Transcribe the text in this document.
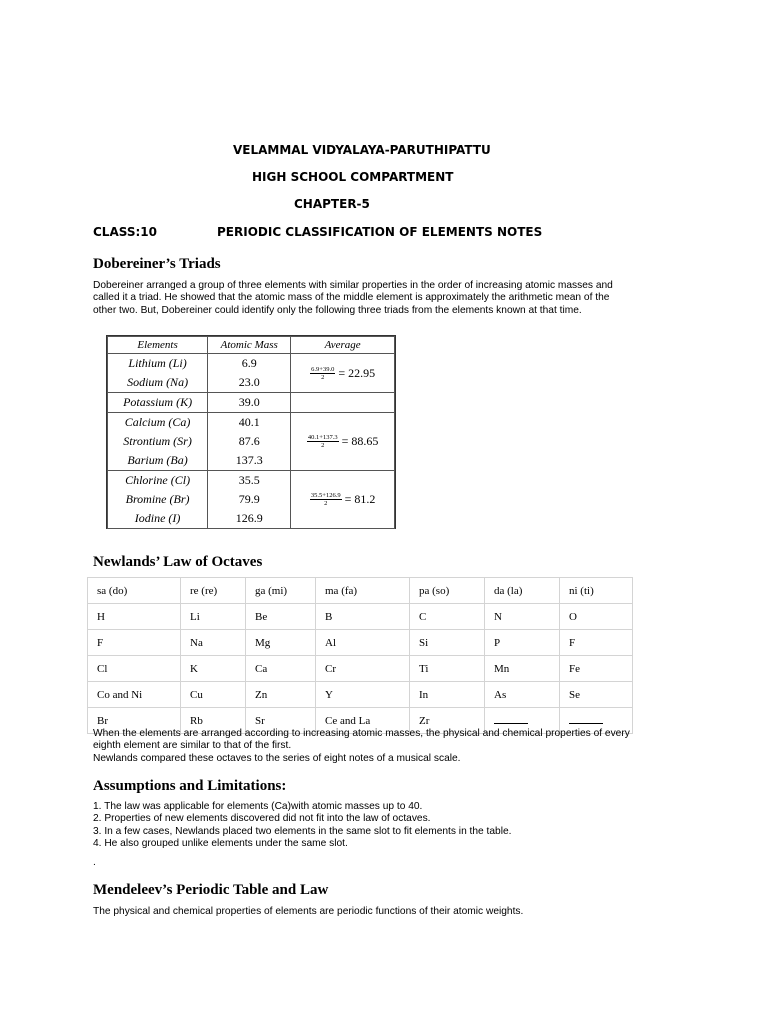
VELAMMAL VIDYALAYA-PARUTHIPATTU
HIGH SCHOOL COMPARTMENT
CHAPTER-5
CLASS:10	PERIODIC CLASSIFICATION OF ELEMENTS NOTES
Dobereiner’s Triads
Dobereiner arranged a group of three elements with similar properties in the order of increasing atomic masses and
called it a triad. He showed that the atomic mass of the middle element is approximately the arithmetic mean of the
other two. But, Dobereiner could identify only the following three triads from the elements known at that time.
Elements	Atomic Mass	Average
Lithium (Li)	6.9	$\frac{6.9+39.0}{2} = 22.95$

Sodium (Na)	23.0	
Potassium (K)	39.0	
Calcium (Ca)	40.1	$\frac{40.1+137.3}{2} = 88.65$

Strontium (Sr)	87.6	
Barium (Ba)	137.3	
Chlorine (Cl)	35.5	$\frac{35.5+126.9}{2} = 81.2$

Bromine (Br)	79.9	
Iodine (I)	126.9	
Newlands’ Law of Octaves
sa (do)	re (re)	ga (mi)	ma (fa)	pa (so)	da (la)	ni (ti)
H	Li	Be	B	C	N	O
F	Na	Mg	Al	Si	P	F
Cl	K	Ca	Cr	Ti	Mn	Fe
Co and Ni	Cu	Zn	Y	In	As	Se
Br	Rb	Sr	Ce and La	Zr		
When the elements are arranged according to increasing atomic masses, the physical and chemical properties of every
eighth element are similar to that of the first.
Newlands compared these octaves to the series of eight notes of a musical scale.
Assumptions and Limitations:
1. The law was applicable for elements (Ca)with atomic masses up to 40.
2. Properties of new elements discovered did not fit into the law of octaves.
3. In a few cases, Newlands placed two elements in the same slot to fit elements in the table.
4. He also grouped unlike elements under the same slot.
.
Mendeleev’s Periodic Table and Law
The physical and chemical properties of elements are periodic functions of their atomic weights.
